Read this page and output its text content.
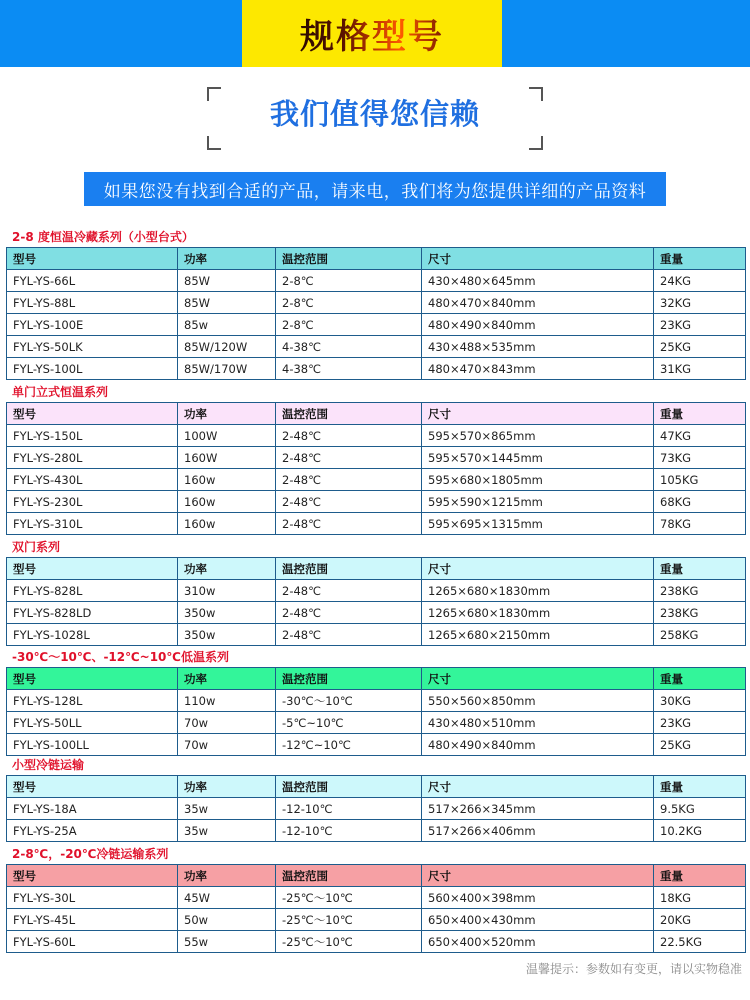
规格型号
我们值得您信赖
如果您没有找到合适的产品，请来电，我们将为您提供详细的产品资料
2-8 度恒温冷藏系列（小型台式）
型号	功率	温控范围	尺寸	重量
FYL-YS-66L	85W	2-8℃	430×480×645mm	24KG
FYL-YS-88L	85W	2-8℃	480×470×840mm	32KG
FYL-YS-100E	85w	2-8℃	480×490×840mm	23KG
FYL-YS-50LK	85W/120W	4-38℃	430×488×535mm	25KG
FYL-YS-100L	85W/170W	4-38℃	480×470×843mm	31KG
单门立式恒温系列
型号	功率	温控范围	尺寸	重量
FYL-YS-150L	100W	2-48℃	595×570×865mm	47KG
FYL-YS-280L	160W	2-48℃	595×570×1445mm	73KG
FYL-YS-430L	160w	2-48℃	595×680×1805mm	105KG
FYL-YS-230L	160w	2-48℃	595×590×1215mm	68KG
FYL-YS-310L	160w	2-48℃	595×695×1315mm	78KG
双门系列
型号	功率	温控范围	尺寸	重量
FYL-YS-828L	310w	2-48℃	1265×680×1830mm	238KG
FYL-YS-828LD	350w	2-48℃	1265×680×1830mm	238KG
FYL-YS-1028L	350w	2-48℃	1265×680×2150mm	258KG
-30℃～10℃、-12℃~10℃低温系列
型号	功率	温控范围	尺寸	重量
FYL-YS-128L	110w	-30℃～10℃	550×560×850mm	30KG
FYL-YS-50LL	70w	-5℃~10℃	430×480×510mm	23KG
FYL-YS-100LL	70w	-12℃~10℃	480×490×840mm	25KG
小型冷链运输
型号	功率	温控范围	尺寸	重量
FYL-YS-18A	35w	-12-10℃	517×266×345mm	9.5KG
FYL-YS-25A	35w	-12-10℃	517×266×406mm	10.2KG
2-8℃，-20℃冷链运输系列
型号	功率	温控范围	尺寸	重量
FYL-YS-30L	45W	-25℃～10℃	560×400×398mm	18KG
FYL-YS-45L	50w	-25℃～10℃	650×400×430mm	20KG
FYL-YS-60L	55w	-25℃～10℃	650×400×520mm	22.5KG
温馨提示：参数如有变更，请以实物稳准
